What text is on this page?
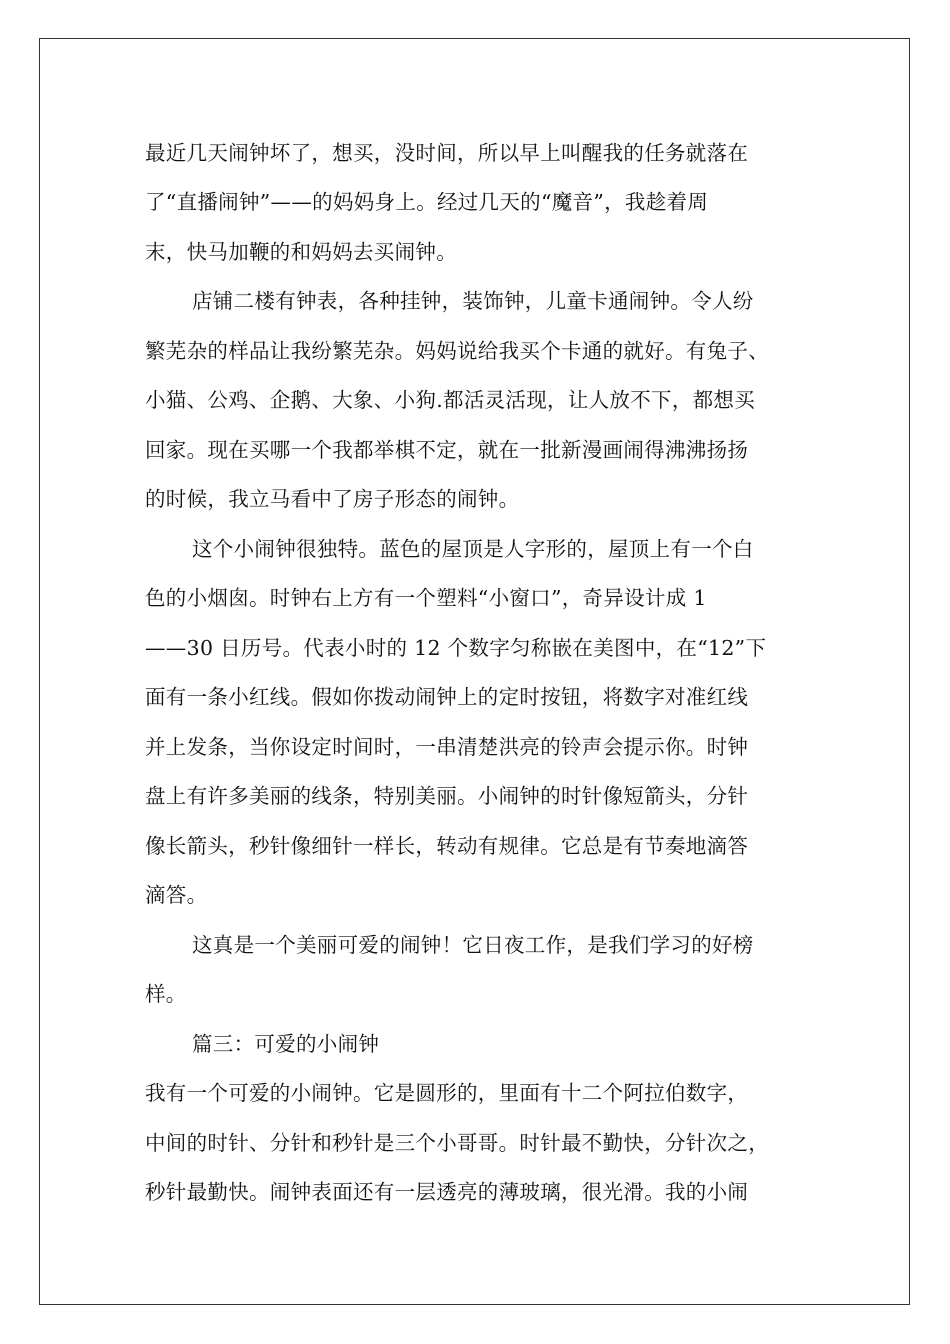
最近几天闹钟坏了，想买，没时间，所以早上叫醒我的任务就落在
了“直播闹钟”——的妈妈身上。经过几天的“魔音”，我趁着周
末，快马加鞭的和妈妈去买闹钟。
店铺二楼有钟表，各种挂钟，装饰钟，儿童卡通闹钟。令人纷
繁芜杂的样品让我纷繁芜杂。妈妈说给我买个卡通的就好。有兔子、
小猫、公鸡、企鹅、大象、小狗.都活灵活现，让人放不下，都想买
回家。现在买哪一个我都举棋不定，就在一批新漫画闹得沸沸扬扬
的时候，我立马看中了房子形态的闹钟。
这个小闹钟很独特。蓝色的屋顶是人字形的，屋顶上有一个白
色的小烟囱。时钟右上方有一个塑料“小窗口”，奇异设计成 1
——30 日历号。代表小时的 12 个数字匀称嵌在美图中，在“12”下
面有一条小红线。假如你拨动闹钟上的定时按钮，将数字对准红线
并上发条，当你设定时间时，一串清楚洪亮的铃声会提示你。时钟
盘上有许多美丽的线条，特别美丽。小闹钟的时针像短箭头，分针
像长箭头，秒针像细针一样长，转动有规律。它总是有节奏地滴答
滴答。
这真是一个美丽可爱的闹钟！它日夜工作，是我们学习的好榜
样。
篇三：可爱的小闹钟
我有一个可爱的小闹钟。它是圆形的，里面有十二个阿拉伯数字，
中间的时针、分针和秒针是三个小哥哥。时针最不勤快，分针次之，
秒针最勤快。闹钟表面还有一层透亮的薄玻璃，很光滑。我的小闹
